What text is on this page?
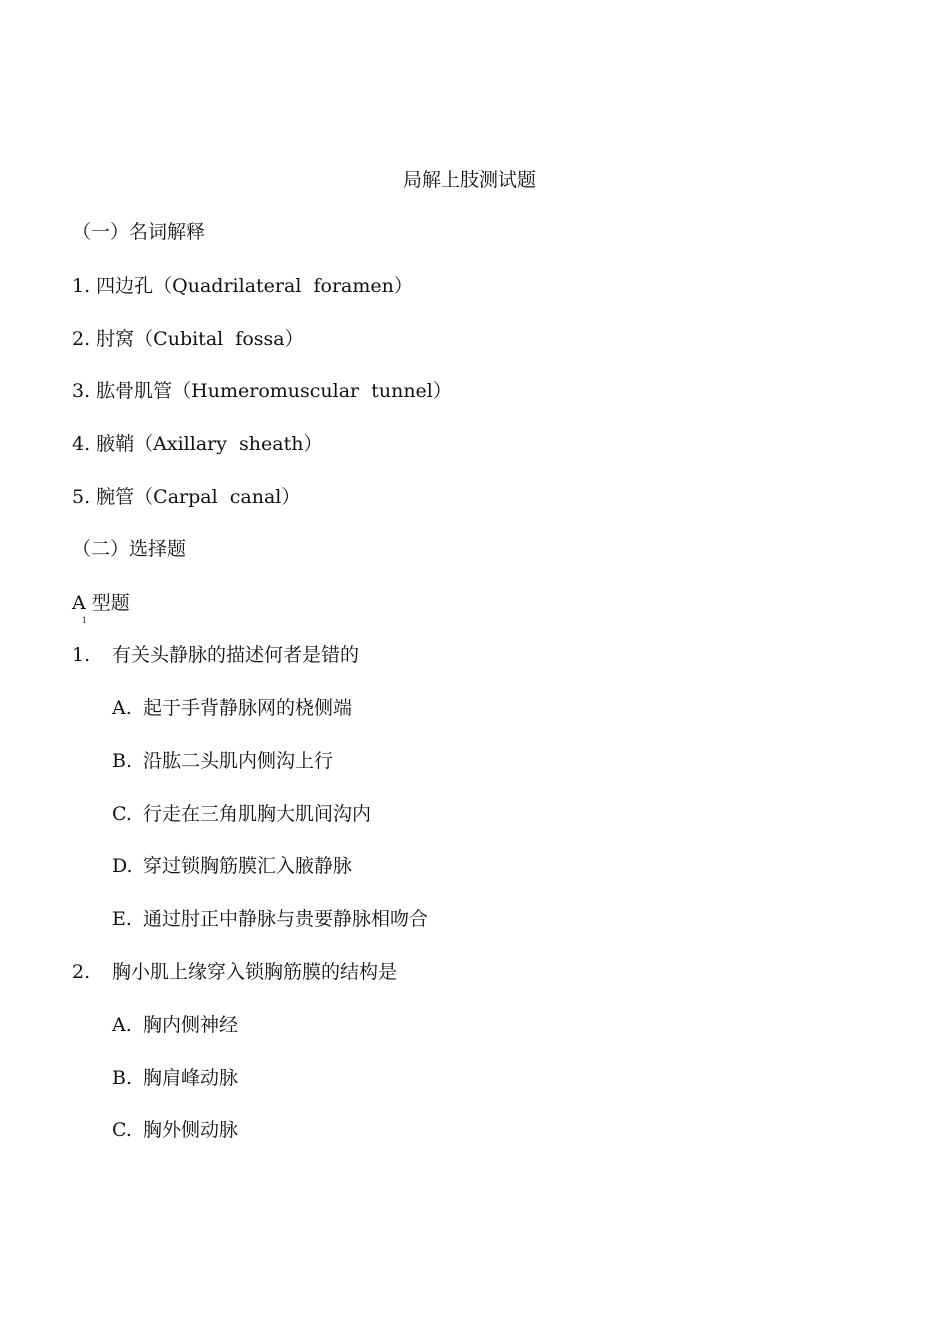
局解上肢测试题
（一）名词解释
1. 四边孔（Quadrilateral  foramen）
2. 肘窝（Cubital  fossa）
3. 肱骨肌管（Humeromuscular  tunnel）
4. 腋鞘（Axillary  sheath）
5. 腕管（Carpal  canal）
（二）选择题
A1型题
1. 有关头静脉的描述何者是错的
A. 起于手背静脉网的桡侧端
B. 沿肱二头肌内侧沟上行
C. 行走在三角肌胸大肌间沟内
D. 穿过锁胸筋膜汇入腋静脉
E. 通过肘正中静脉与贵要静脉相吻合
2. 胸小肌上缘穿入锁胸筋膜的结构是
A. 胸内侧神经
B. 胸肩峰动脉
C. 胸外侧动脉
